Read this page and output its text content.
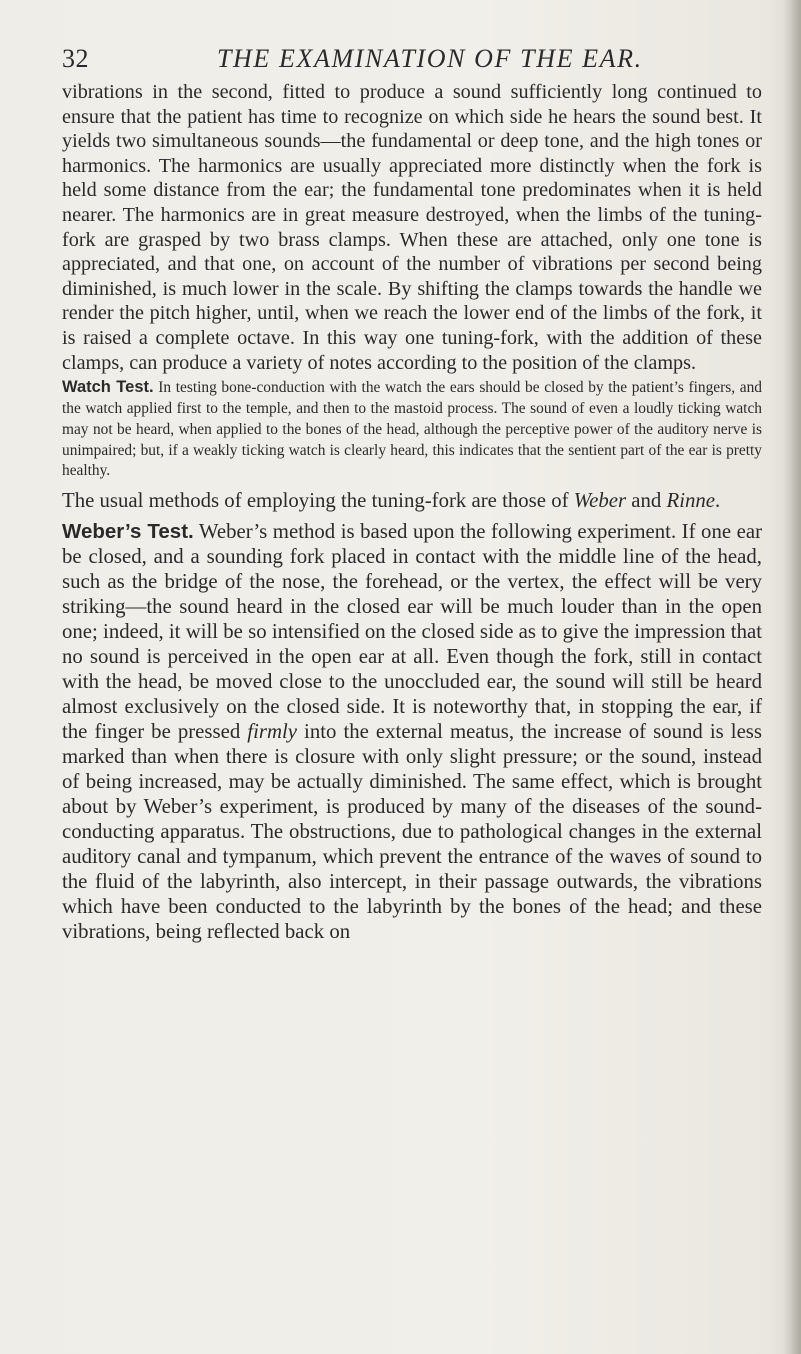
32	THE EXAMINATION OF THE EAR.

vibrations in the second, fitted to produce a sound sufficiently long continued to ensure that the patient has time to recognize on which side he hears the sound best. It yields two simultaneous sounds—the fundamental or deep tone, and the high tones or harmonics. The harmonics are usually appreciated more distinctly when the fork is held some distance from the ear; the fundamental tone predominates when it is held nearer. The harmonics are in great measure destroyed, when the limbs of the tuning-fork are grasped by two brass clamps. When these are attached, only one tone is appreciated, and that one, on account of the number of vibrations per second being diminished, is much lower in the scale. By shifting the clamps towards the handle we render the pitch higher, until, when we reach the lower end of the limbs of the fork, it is raised a complete octave. In this way one tuning-fork, with the addition of these clamps, can produce a variety of notes according to the position of the clamps.

Watch Test. In testing bone-conduction with the watch the ears should be closed by the patient’s fingers, and the watch applied first to the temple, and then to the mastoid process. The sound of even a loudly ticking watch may not be heard, when applied to the bones of the head, although the perceptive power of the auditory nerve is unimpaired; but, if a weakly ticking watch is clearly heard, this indicates that the sentient part of the ear is pretty healthy.

The usual methods of employing the tuning-fork are those of Weber and Rinne.

Weber’s Test. Weber’s method is based upon the following experiment. If one ear be closed, and a sounding fork placed in contact with the middle line of the head, such as the bridge of the nose, the forehead, or the vertex, the effect will be very striking—the sound heard in the closed ear will be much louder than in the open one; indeed, it will be so intensified on the closed side as to give the impression that no sound is perceived in the open ear at all. Even though the fork, still in contact with the head, be moved close to the unoccluded ear, the sound will still be heard almost exclusively on the closed side. It is noteworthy that, in stopping the ear, if the finger be pressed firmly into the external meatus, the increase of sound is less marked than when there is closure with only slight pressure; or the sound, instead of being increased, may be actually diminished. The same effect, which is brought about by Weber’s experiment, is produced by many of the diseases of the sound-conducting apparatus. The obstructions, due to pathological changes in the external auditory canal and tympanum, which prevent the entrance of the waves of sound to the fluid of the labyrinth, also intercept, in their passage outwards, the vibrations which have been conducted to the labyrinth by the bones of the head; and these vibrations, being reflected back on
